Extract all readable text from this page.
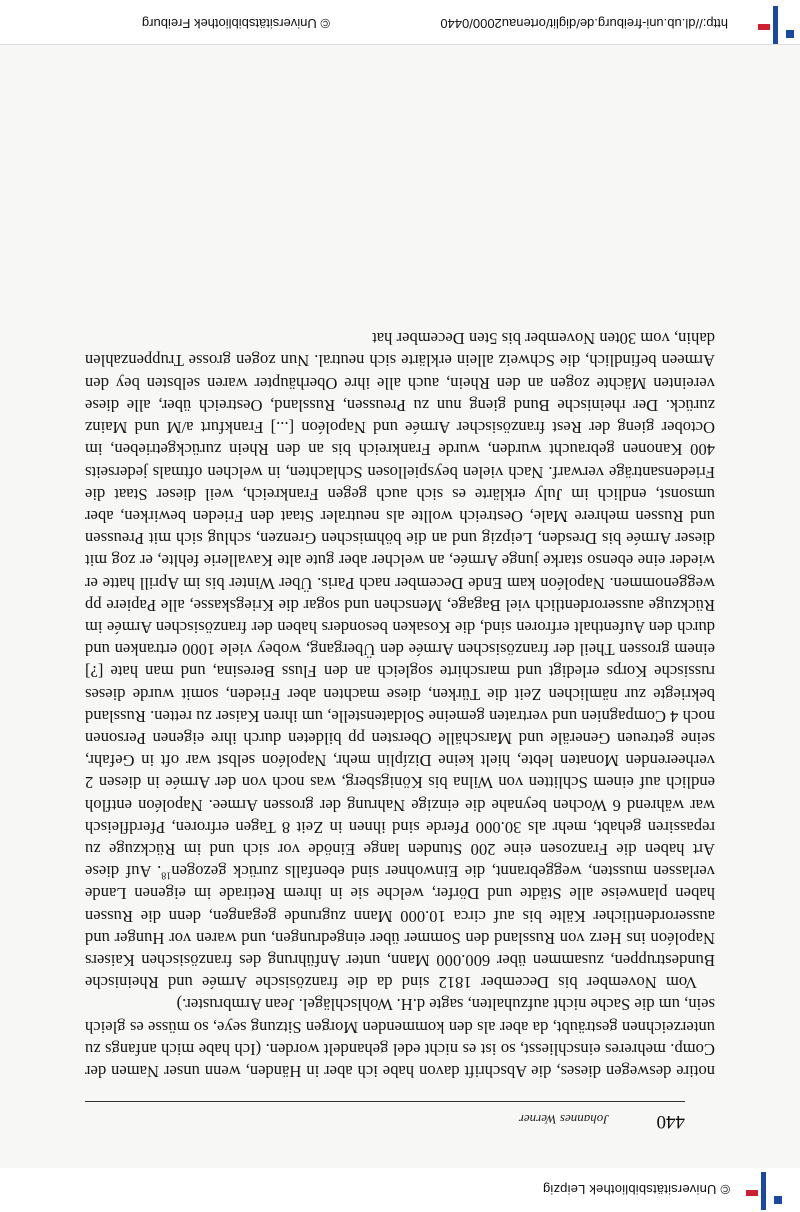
© Universitätsbibliothek Leipzig
440
Johannes Werner

notire deswegen dieses, die Abschrift davon habe ich aber in Händen, wenn unser Namen der Comp. mehreres einschliesst, so ist es nicht edel gehandelt worden. (Ich habe mich anfangs zu unterzeichnen gesträubt, da aber als den kommenden Morgen Sitzung seye, so müsse es gleich sein, um die Sache nicht aufzuhalten, sagte d.H. Wohlschlägel. Jean Armbruster.)

Vom November bis December 1812 sind da die französische Armée und Rheinische Bundestruppen, zusammen über 600.000 Mann, unter Anführung des französischen Kaisers Napoléon ins Herz von Russland den Sommer über eingedrungen, und waren vor Hunger und ausserordentlicher Kälte bis auf circa 10.000 Mann zugrunde gegangen, denn die Russen haben planweise alle Städte und Dörfer, welche sie in ihrem Retirade im eigenen Lande verlassen mussten, weggebrannt, die Einwohner sind ebenfalls zurück gezogen$^{18}$. Auf diese Art haben die Franzosen eine 200 Stunden lange Einöde vor sich und im Rückzuge zu repassiren gehabt, mehr als 30.000 Pferde sind ihnen in Zeit 8 Tagen erfroren, Pferdfleisch war während 6 Wochen beynahe die einzige Nahrung der grossen Armee. Napoléon entfloh endlich auf einem Schlitten von Wilna bis Königsberg, was noch von der Armée in diesen 2 verheerenden Monaten lebte, hielt keine Dizíplin mehr, Napoléon selbst war oft in Gefahr, seine getreuen Generäle und Marschälle Obersten pp bildeten durch ihre eigenen Personen noch 4 Compagnien und vertraten gemeine Soldatenstelle, um ihren Kaiser zu retten. Russland bekriegte zur nämlichen Zeit die Türken, diese machten aber Frieden, somit wurde dieses russische Korps erledigt und marschirte sogleich an den Fluss Beresina, und man hate [?] einem grossen Theil der französischen Armée den Übergang, wobey viele 1000 ertranken und durch den Aufenthalt erfroren sind, die Kosaken besonders haben der französischen Armée im Rückzuge ausserordentlich viel Bagage, Menschen und sogar die Kriegskasse, alle Papiere pp weggenommen. Napoléon kam Ende December nach Paris. Über Winter bis im Aprill hatte er wieder eine ebenso starke junge Armée, an welcher aber gute alte Kavallerie fehlte, er zog mit dieser Armée bis Dresden, Leipzig und an die böhmischen Grenzen, schlug sich mit Preussen und Russen mehrere Male, Oestreich wollte als neutraler Staat den Frieden bewirken, aber umsonst, endlich im July erklärte es sich auch gegen Frankreich, weil dieser Staat die Friedensanträge verwarf. Nach vielen beyspiellosen Schlachten, in welchen oftmals jederseits 400 Kanonen gebraucht wurden, wurde Frankreich bis an den Rhein zurückgetrieben, im October gieng der Rest französischer Armée und Napoléon [...] Frankfurt a/M und Mainz zurück. Der rheinische Bund gieng nun zu Preussen, Russland, Oestreich über, alle diese vereinten Mächte zogen an den Rhein, auch alle ihre Oberhäupter waren selbsten bey den Armeen befindlich, die Schweiz allein erklärte sich neutral. Nun zogen grosse Truppenzahlen dahin, vom 30ten November bis 5ten December hat

© Universitätsbibliothek Freiburg	http://dl.ub.uni-freiburg.de/diglit/ortenau2000/0440
